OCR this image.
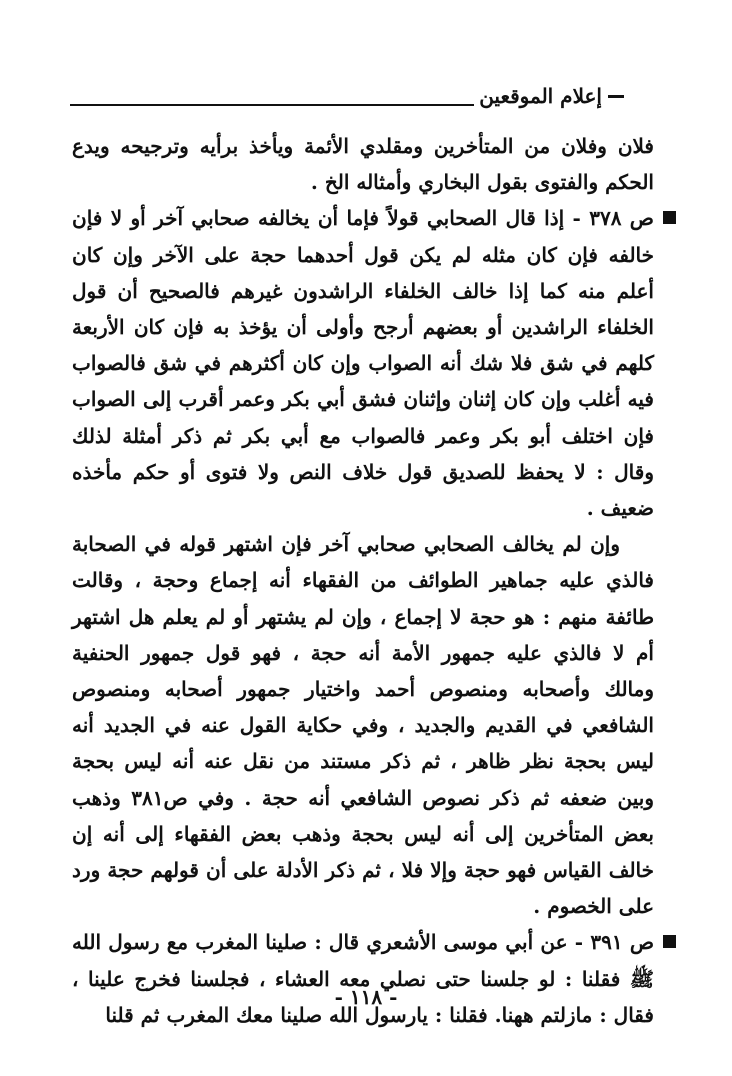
إعلام الموقعين

فلان وفلان من المتأخرين ومقلدي الأئمة ويأخذ برأيه وترجيحه ويدع الحكم والفتوى بقول البخاري وأمثاله الخ .

ص ٣٧٨ - إذا قال الصحابي قولاً فإما أن يخالفه صحابي آخر أو لا فإن خالفه فإن كان مثله لم يكن قول أحدهما حجة على الآخر وإن كان أعلم منه كما إذا خالف الخلفاء الراشدون غيرهم فالصحيح أن قول الخلفاء الراشدين أو بعضهم أرجح وأولى أن يؤخذ به فإن كان الأربعة كلهم في شق فلا شك أنه الصواب وإن كان أكثرهم في شق فالصواب فيه أغلب وإن كان إثنان وإثنان فشق أبي بكر وعمر أقرب إلى الصواب فإن اختلف أبو بكر وعمر فالصواب مع أبي بكر ثم ذكر أمثلة لذلك وقال : لا يحفظ للصديق قول خلاف النص ولا فتوى أو حكم مأخذه ضعيف .

وإن لم يخالف الصحابي صحابي آخر فإن اشتهر قوله في الصحابة فالذي عليه جماهير الطوائف من الفقهاء أنه إجماع وحجة ، وقالت طائفة منهم : هو حجة لا إجماع ، وإن لم يشتهر أو لم يعلم هل اشتهر أم لا فالذي عليه جمهور الأمة أنه حجة ، فهو قول جمهور الحنفية ومالك وأصحابه ومنصوص أحمد واختيار جمهور أصحابه ومنصوص الشافعي في القديم والجديد ، وفي حكاية القول عنه في الجديد أنه ليس بحجة نظر ظاهر ، ثم ذكر مستند من نقل عنه أنه ليس بحجة وبين ضعفه ثم ذكر نصوص الشافعي أنه حجة . وفي ص٣٨١ وذهب بعض المتأخرين إلى أنه ليس بحجة وذهب بعض الفقهاء إلى أنه إن خالف القياس فهو حجة وإلا فلا ، ثم ذكر الأدلة على أن قولهم حجة ورد على الخصوم .

ص ٣٩١ - عن أبي موسى الأشعري قال : صلينا المغرب مع رسول الله ﷺ فقلنا : لو جلسنا حتى نصلي معه العشاء ، فجلسنا فخرج علينا ، فقال : مازلتم ههنا. فقلنا : يارسول الله صلينا معك المغرب ثم قلنا

- ١١٨ -
